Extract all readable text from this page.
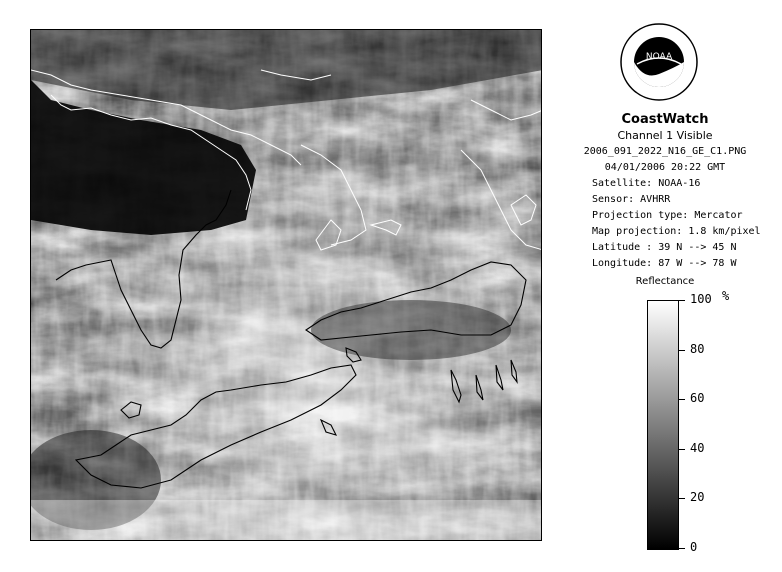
NOAA
CoastWatch
Channel 1 Visible
2006_091_2022_N16_GE_C1.PNG
04/01/2006 20:22 GMT
Satellite: NOAA-16
Sensor: AVHRR
Projection type: Mercator
Map projection: 1.8 km/pixel
Latitude : 39 N --> 45 N
Longitude: 87 W --> 78 W
Reflectance
100
80
60
40
20
0
%
